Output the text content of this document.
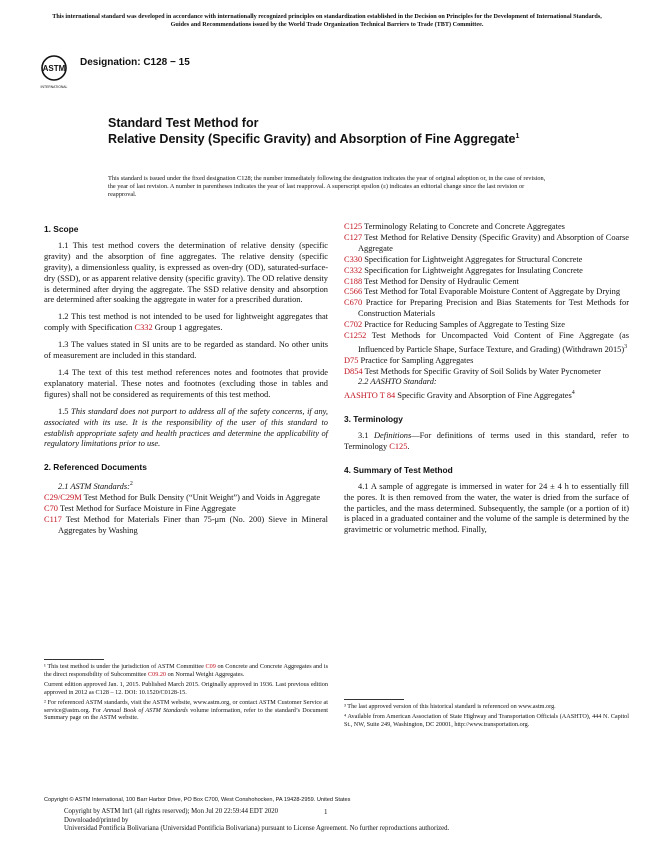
This international standard was developed in accordance with internationally recognized principles on standardization established in the Decision on Principles for the Development of International Standards, Guides and Recommendations issued by the World Trade Organization Technical Barriers to Trade (TBT) Committee.
ASTM
INTERNATIONAL
Designation: C128 − 15
Standard Test Method for
Relative Density (Specific Gravity) and Absorption of Fine Aggregate$^1$
This standard is issued under the fixed designation C128; the number immediately following the designation indicates the year of original adoption or, in the case of revision, the year of last revision. A number in parentheses indicates the year of last reapproval. A superscript epsilon (ε) indicates an editorial change since the last revision or reapproval.
1. Scope

1.1 This test method covers the determination of relative density (specific gravity) and the absorption of fine aggregates. The relative density (specific gravity), a dimensionless quality, is expressed as oven-dry (OD), saturated-surface-dry (SSD), or as apparent relative density (specific gravity). The OD relative density is determined after drying the aggregate. The SSD relative density and absorption are determined after soaking the aggregate in water for a prescribed duration.

1.2 This test method is not intended to be used for lightweight aggregates that comply with Specification C332 Group 1 aggregates.

1.3 The values stated in SI units are to be regarded as standard. No other units of measurement are included in this standard.

1.4 The text of this test method references notes and footnotes that provide explanatory material. These notes and footnotes (excluding those in tables and figures) shall not be considered as requirements of this test method.

1.5 This standard does not purport to address all of the safety concerns, if any, associated with its use. It is the responsibility of the user of this standard to establish appropriate safety and health practices and determine the applicability of regulatory limitations prior to use.

2. Referenced Documents

2.1 ASTM Standards:$^2$

C29/C29M Test Method for Bulk Density (“Unit Weight”) and Voids in Aggregate

C70 Test Method for Surface Moisture in Fine Aggregate

C117 Test Method for Materials Finer than 75-μm (No. 200) Sieve in Mineral Aggregates by Washing

¹ This test method is under the jurisdiction of ASTM Committee C09 on Concrete and Concrete Aggregates and is the direct responsibility of Subcommittee C09.20 on Normal Weight Aggregates.

Current edition approved Jan. 1, 2015. Published March 2015. Originally approved in 1936. Last previous edition approved in 2012 as C128 – 12. DOI: 10.1520/C0128-15.

² For referenced ASTM standards, visit the ASTM website, www.astm.org, or contact ASTM Customer Service at service@astm.org. For Annual Book of ASTM Standards volume information, refer to the standard’s Document Summary page on the ASTM website.

C125 Terminology Relating to Concrete and Concrete Aggregates

C127 Test Method for Relative Density (Specific Gravity) and Absorption of Coarse Aggregate

C330 Specification for Lightweight Aggregates for Structural Concrete

C332 Specification for Lightweight Aggregates for Insulating Concrete

C188 Test Method for Density of Hydraulic Cement

C566 Test Method for Total Evaporable Moisture Content of Aggregate by Drying

C670 Practice for Preparing Precision and Bias Statements for Test Methods for Construction Materials

C702 Practice for Reducing Samples of Aggregate to Testing Size

C1252 Test Methods for Uncompacted Void Content of Fine Aggregate (as Influenced by Particle Shape, Surface Texture, and Grading) (Withdrawn 2015)$^3$

D75 Practice for Sampling Aggregates

D854 Test Methods for Specific Gravity of Soil Solids by Water Pycnometer

2.2 AASHTO Standard:

AASHTO T 84 Specific Gravity and Absorption of Fine Aggregates$^4$

3. Terminology

3.1 Definitions—For definitions of terms used in this standard, refer to Terminology C125.

4. Summary of Test Method

4.1 A sample of aggregate is immersed in water for 24 ± 4 h to essentially fill the pores. It is then removed from the water, the water is dried from the surface of the particles, and the mass determined. Subsequently, the sample (or a portion of it) is placed in a graduated container and the volume of the sample is determined by the gravimetric or volumetric method. Finally,

³ The last approved version of this historical standard is referenced on www.astm.org.

⁴ Available from American Association of State Highway and Transportation Officials (AASHTO), 444 N. Capitol St., NW, Suite 249, Washington, DC 20001, http://www.transportation.org.

Copyright © ASTM International, 100 Barr Harbor Drive, PO Box C700, West Conshohocken, PA 19428-2959. United States
1
Copyright by ASTM Int'l (all rights reserved); Mon Jul 20 22:59:44 EDT 2020
Downloaded/printed by
Universidad Pontificia Bolivariana (Universidad Pontificia Bolivariana) pursuant to License Agreement. No further reproductions authorized.
